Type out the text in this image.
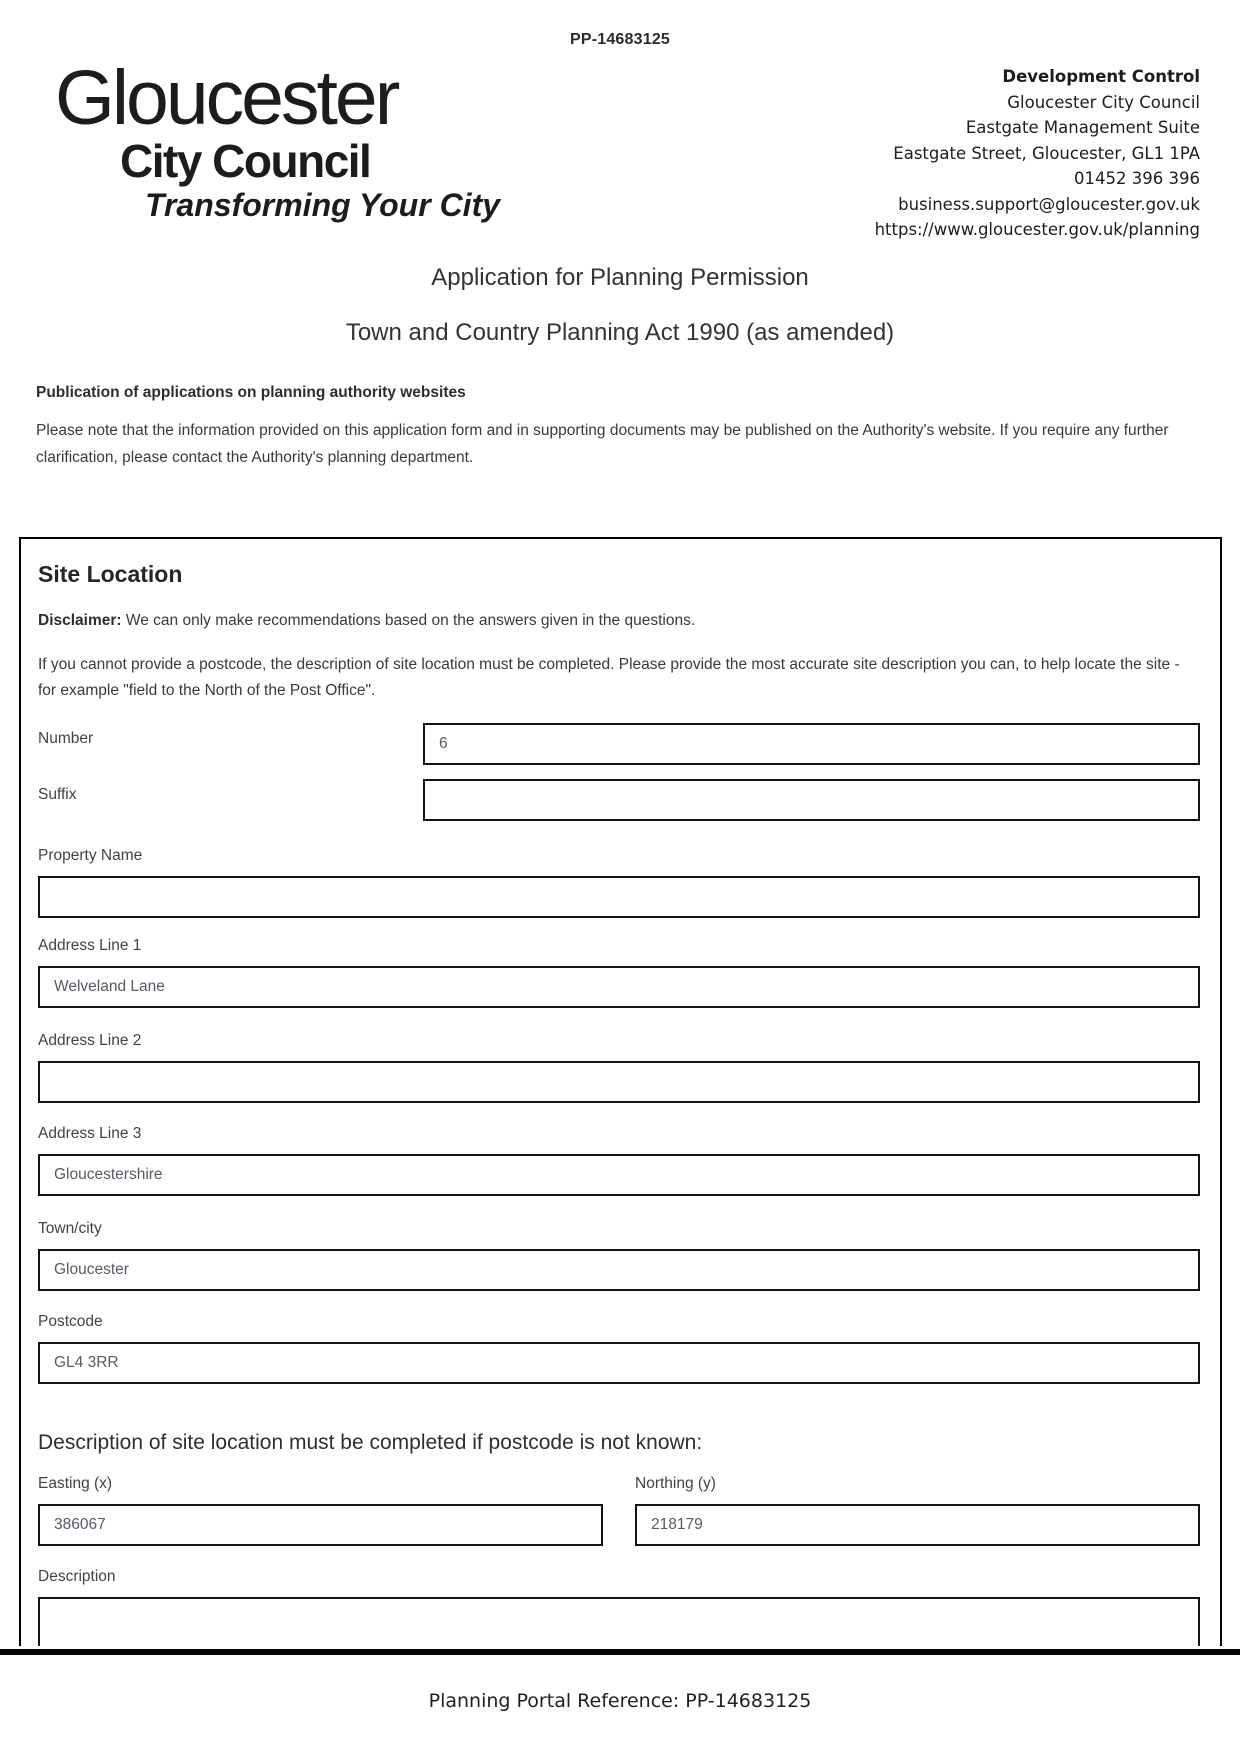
PP-14683125
Gloucester
City Council
Transforming Your City
Development Control
Gloucester City Council
Eastgate Management Suite
Eastgate Street, Gloucester, GL1 1PA
01452 396 396
business.support@gloucester.gov.uk
https://www.gloucester.gov.uk/planning
Application for Planning Permission
Town and Country Planning Act 1990 (as amended)
Publication of applications on planning authority websites

Please note that the information provided on this application form and in supporting documents may be published on the Authority's website. If you require any further clarification, please contact the Authority's planning department.

Site Location

Disclaimer: We can only make recommendations based on the answers given in the questions.

If you cannot provide a postcode, the description of site location must be completed. Please provide the most accurate site description you can, to help locate the site - for example "field to the North of the Post Office".

Number
6
Suffix
Property Name
Address Line 1
Welveland Lane
Address Line 2
Address Line 3
Gloucestershire
Town/city
Gloucester
Postcode
GL4 3RR
Description of site location must be completed if postcode is not known:
Easting (x)
386067	Northing (y)
218179
Description
Planning Portal Reference: PP-14683125
